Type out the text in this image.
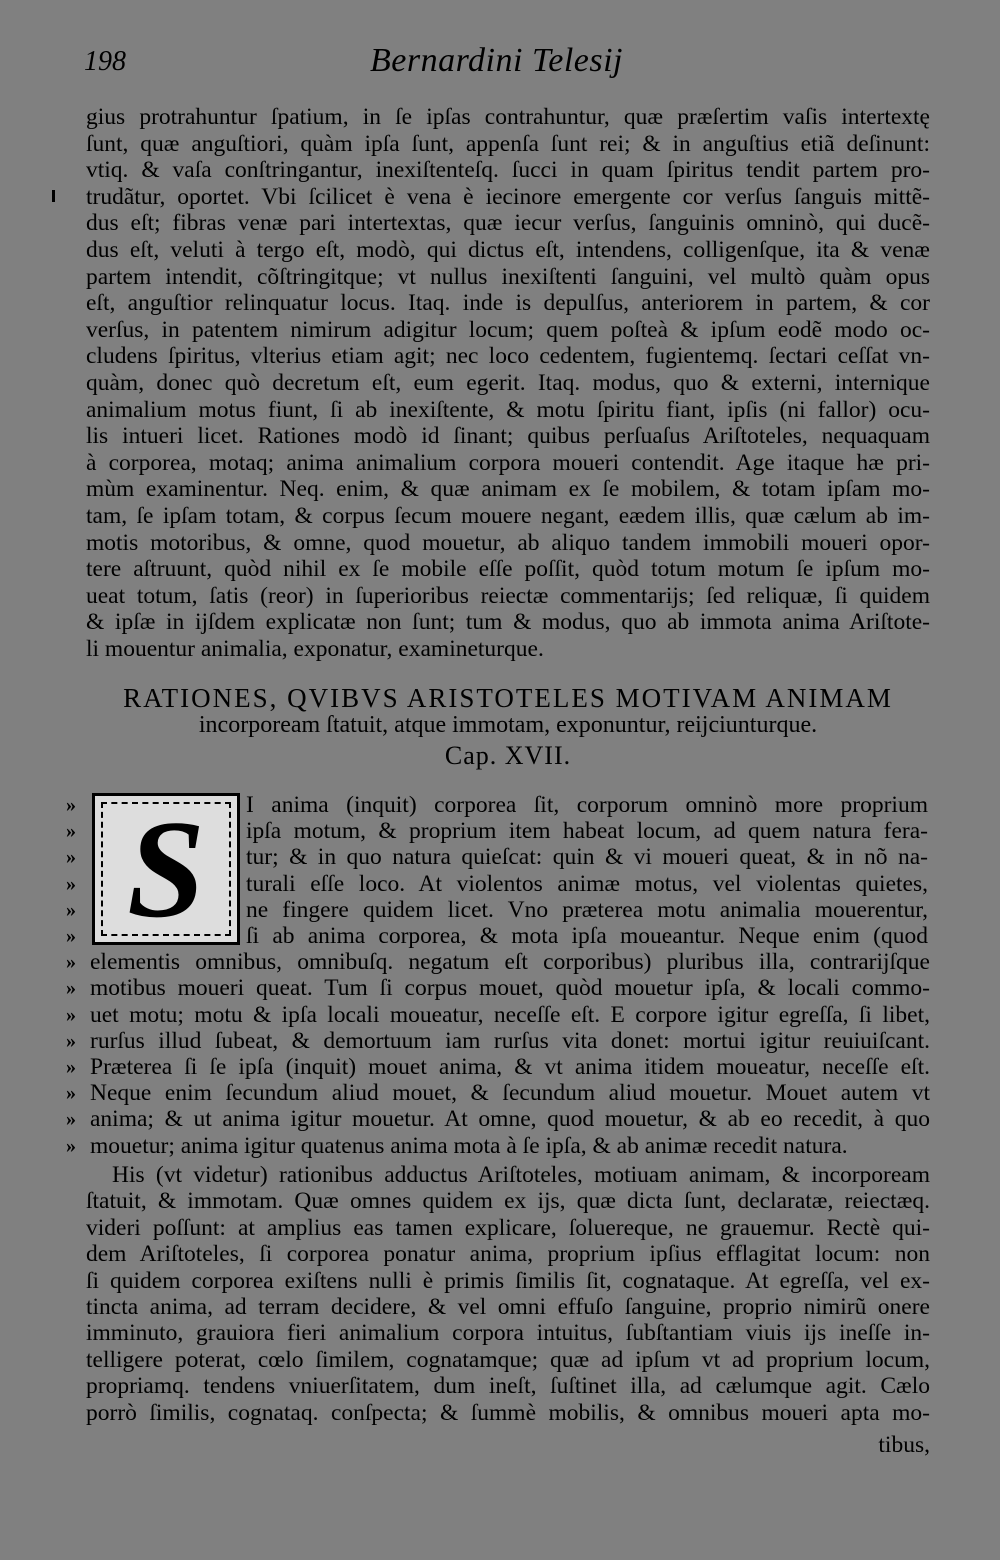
198	Bernardini Telesij
gius protrahuntur ſpatium, in ſe ipſas contrahuntur, quæ præſertim vaſis intertextę
ſunt, quæ anguſtiori, quàm ipſa ſunt, appenſa ſunt rei; & in anguſtius etiã deſinunt:
vtiq. & vaſa conſtringantur, inexiſtenteſq. ſucci in quam ſpiritus tendit partem pro-
trudãtur, oportet. Vbi ſcilicet è vena è iecinore emergente cor verſus ſanguis mittẽ-
dus eſt; fibras venæ pari intertextas, quæ iecur verſus, ſanguinis omninò, qui ducẽ-
dus eſt, veluti à tergo eſt, modò, qui dictus eſt, intendens, colligenſque, ita & venæ
partem intendit, cõſtringitque; vt nullus inexiſtenti ſanguini, vel multò quàm opus
eſt, anguſtior relinquatur locus. Itaq. inde is depulſus, anteriorem in partem, & cor
verſus, in patentem nimirum adigitur locum; quem poſteà & ipſum eodẽ modo oc-
cludens ſpiritus, vlterius etiam agit; nec loco cedentem, fugientemq. ſectari ceſſat vn-
quàm, donec quò decretum eſt, eum egerit. Itaq. modus, quo & externi, internique
animalium motus fiunt, ſi ab inexiſtente, & motu ſpiritu fiant, ipſis (ni fallor) ocu-
lis intueri licet. Rationes modò id ſinant; quibus perſuaſus Ariſtoteles, nequaquam
à corporea, motaq; anima animalium corpora moueri contendit. Age itaque hæ pri-
mùm examinentur. Neq. enim, & quæ animam ex ſe mobilem, & totam ipſam mo-
tam, ſe ipſam totam, & corpus ſecum mouere negant, eædem illis, quæ cælum ab im-
motis motoribus, & omne, quod mouetur, ab aliquo tandem immobili moueri opor-
tere aſtruunt, quòd nihil ex ſe mobile eſſe poſſit, quòd totum motum ſe ipſum mo-
ueat totum, ſatis (reor) in ſuperioribus reiectæ commentarijs; ſed reliquæ, ſi quidem
& ipſæ in ijſdem explicatæ non ſunt; tum & modus, quo ab immota anima Ariſtote-
li mouentur animalia, exponatur, examineturque.
RATIONES, QVIBVS ARISTOTELES MOTIVAM ANIMAM
incorpoream ſtatuit, atque immotam, exponuntur, reijciunturque.
Cap. XVII.
S	I anima (inquit) corporea ſit, corporum omninò more proprium
ipſa motum, & proprium item habeat locum, ad quem natura fera-
tur; & in quo natura quieſcat: quin & vi moueri queat, & in nõ na-
turali eſſe loco. At violentos animæ motus, vel violentas quietes,
ne fingere quidem licet. Vno præterea motu animalia mouerentur,
ſi ab anima corporea, & mota ipſa moueantur. Neque enim (quod
elementis omnibus, omnibuſq. negatum eſt corporibus) pluribus illa, contrarijſque
motibus moueri queat. Tum ſi corpus mouet, quòd mouetur ipſa, & locali commo-
uet motu; motu & ipſa locali moueatur, neceſſe eſt. E corpore igitur egreſſa, ſi libet,
rurſus illud ſubeat, & demortuum iam rurſus vita donet: mortui igitur reuiuiſcant.
Præterea ſi ſe ipſa (inquit) mouet anima, & vt anima itidem moueatur, neceſſe eſt.
Neque enim ſecundum aliud mouet, & ſecundum aliud mouetur. Mouet autem vt
anima; & ut anima igitur mouetur. At omne, quod mouetur, & ab eo recedit, à quo
mouetur; anima igitur quatenus anima mota à ſe ipſa, & ab animæ recedit natura.
»
»
»
»
»
»
»
»
»
»
»
»
»
»
His (vt videtur) rationibus adductus Ariſtoteles, motiuam animam, & incorpoream
ſtatuit, & immotam. Quæ omnes quidem ex ijs, quæ dicta ſunt, declaratæ, reiectæq.
videri poſſunt: at amplius eas tamen explicare, ſoluereque, ne grauemur. Rectè qui-
dem Ariſtoteles, ſi corporea ponatur anima, proprium ipſius efflagitat locum: non
ſi quidem corporea exiſtens nulli è primis ſimilis ſit, cognataque. At egreſſa, vel ex-
tincta anima, ad terram decidere, & vel omni effuſo ſanguine, proprio nimirũ onere
imminuto, grauiora fieri animalium corpora intuitus, ſubſtantiam viuis ijs ineſſe in-
telligere poterat, cœlo ſimilem, cognatamque; quæ ad ipſum vt ad proprium locum,
propriamq. tendens vniuerſitatem, dum ineſt, ſuſtinet illa, ad cælumque agit. Cælo
porrò ſimilis, cognataq. conſpecta; & ſummè mobilis, & omnibus moueri apta mo-
tibus,
